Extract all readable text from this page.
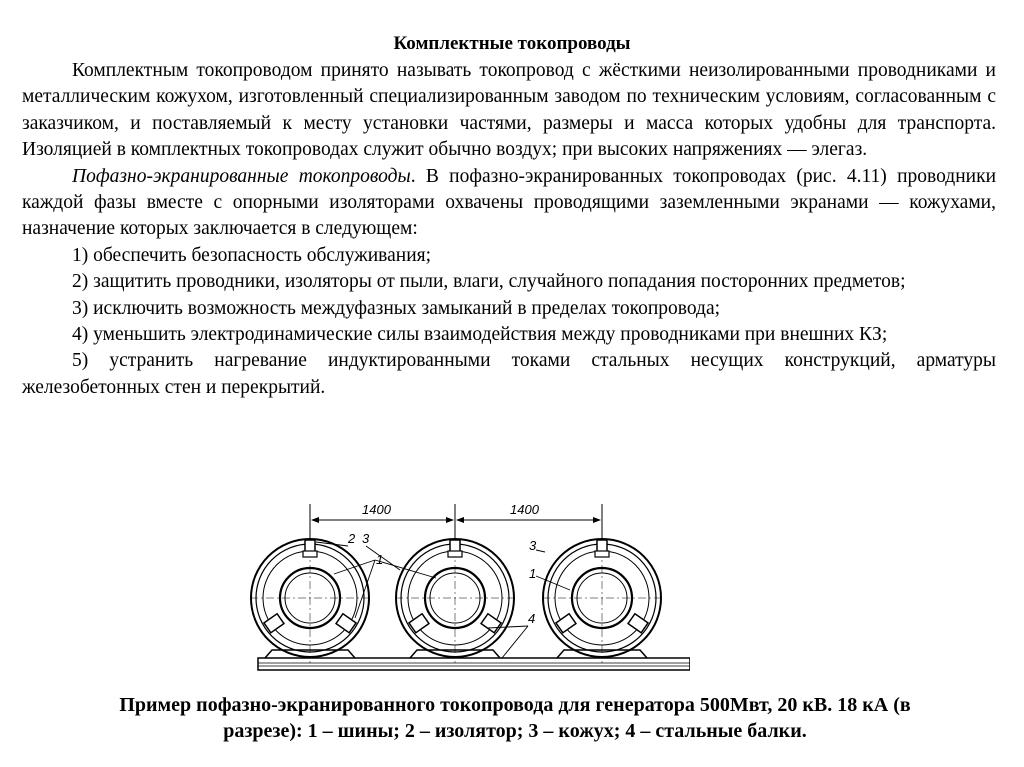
Комплектные токопроводы

Комплектным токопроводом принято называть токопровод с жёсткими неизолированными проводниками и металлическим кожухом, изготовленный специализированным заводом по техническим условиям, согласованным с заказчиком, и поставляемый к месту установки частями, размеры и масса которых удобны для транспорта. Изоляцией в комплектных токопроводах служит обычно воздух; при высоких напряжениях — элегаз.

Пофазно-экранированные токопроводы. В пофазно-экранированных токопроводах (рис. 4.11) проводники каждой фазы вместе с опорными изоляторами охвачены проводящими заземленными экранами — кожухами, назначение которых заключается в следующем:

1) обеспечить безопасность обслуживания;

2) защитить проводники, изоляторы от пыли, влаги, случайного попадания посторонних предметов;

3) исключить возможность междуфазных замыканий в пределах токопровода;

4) уменьшить электродинамические силы взаимодействия между проводниками при внешних КЗ;

5) устранить нагревание индуктированными токами стальных несущих конструкций, арматуры железобетонных стен и перекрытий.

1400	1400
2 3
1
3
1
4
Пример пофазно-экранированного токопровода для генератора 500Мвт, 20 кВ. 18 кА (в
разрезе): 1 – шины; 2 – изолятор; 3 – кожух; 4 – стальные балки.
